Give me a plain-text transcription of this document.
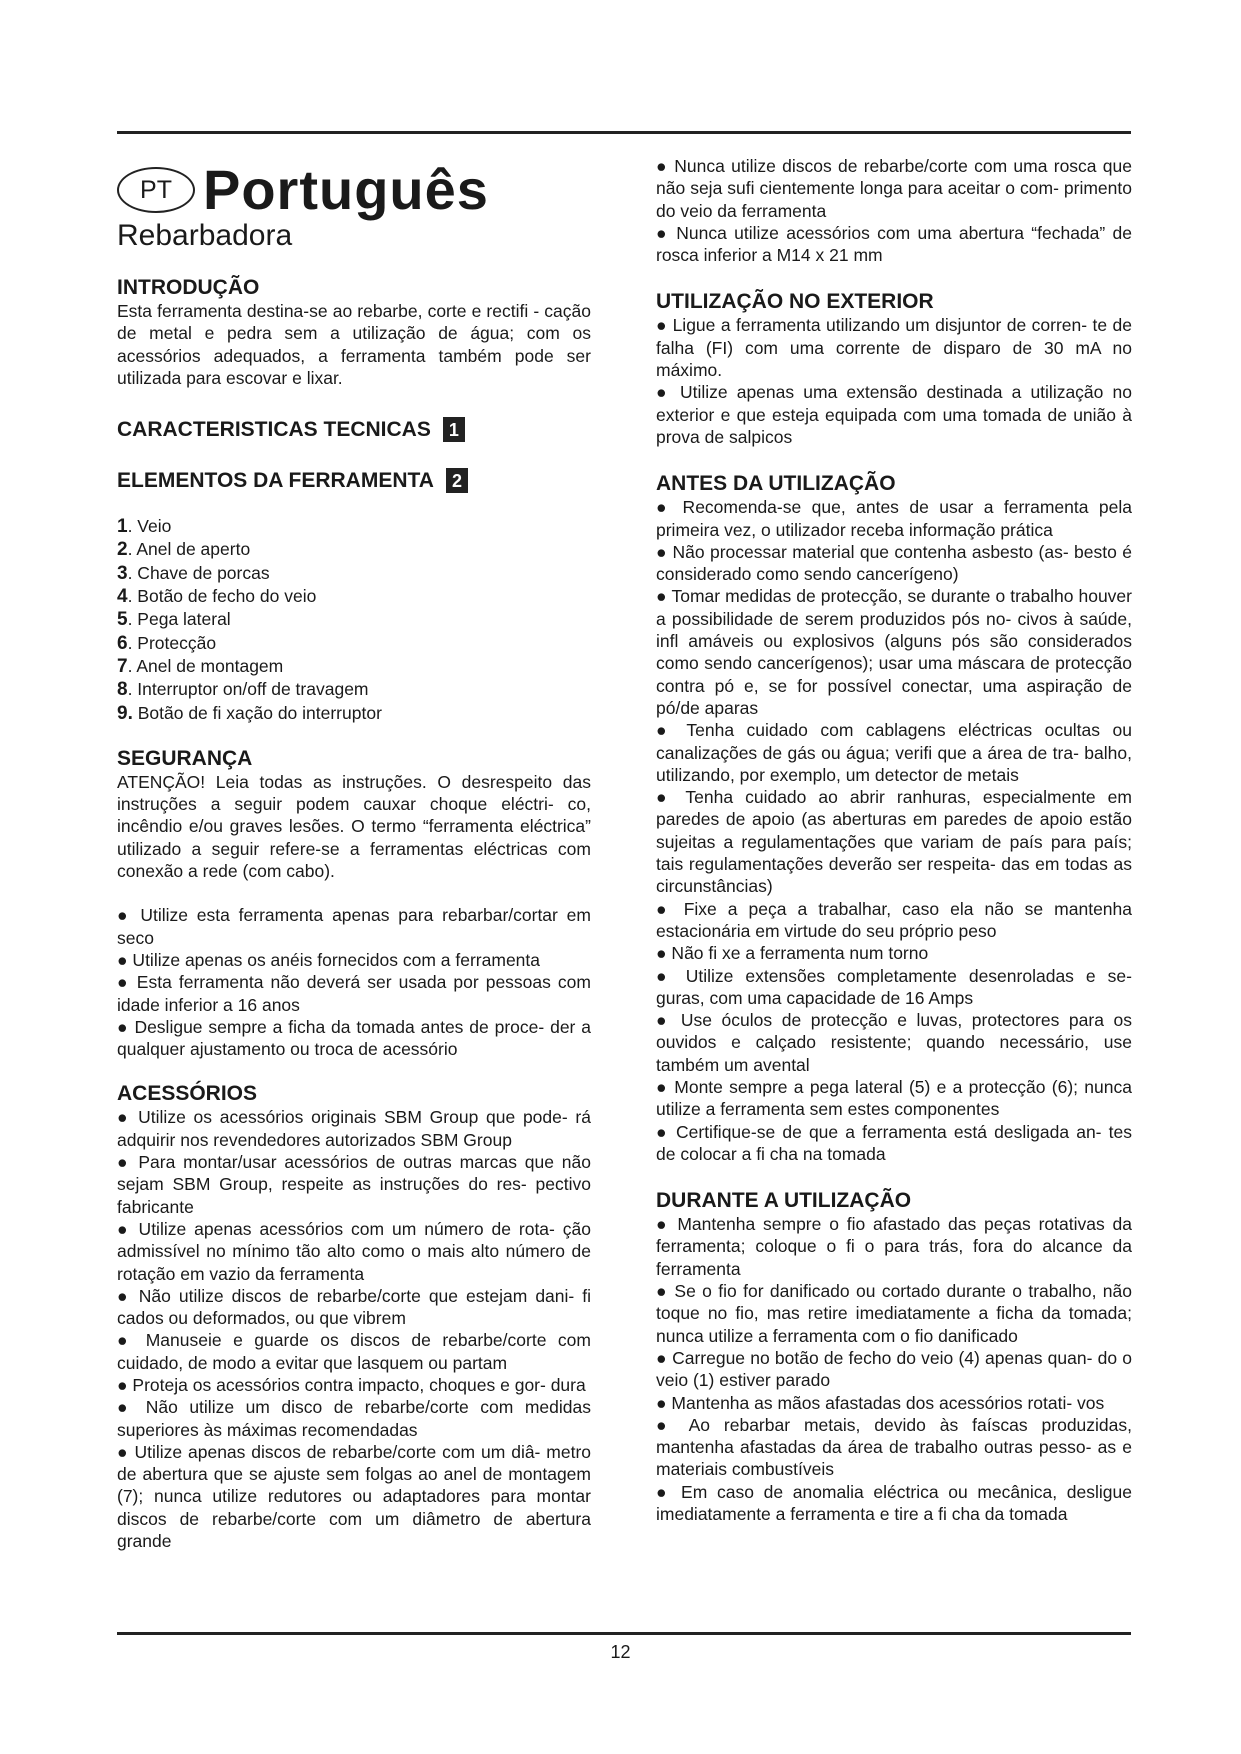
PT Português
Rebarbadora
INTRODUÇÃO

Esta ferramenta destina-se ao rebarbe, corte e rectifi - cação de metal e pedra sem a utilização de água; com os acessórios adequados, a ferramenta também pode ser utilizada para escovar e lixar.

CARACTERISTICAS TECNICAS 1
ELEMENTOS DA FERRAMENTA 2
1. Veio
2. Anel de aperto
3. Chave de porcas
4. Botão de fecho do veio
5. Pega lateral
6. Protecção
7. Anel de montagem
8. Interruptor on/off de travagem
9. Botão de fi xação do interruptor
SEGURANÇA

ATENÇÃO! Leia todas as instruções. O desrespeito das instruções a seguir podem cauxar choque eléctri- co, incêndio e/ou graves lesões. O termo “ferramenta eléctrica” utilizado a seguir refere-se a ferramentas eléctricas com conexão a rede (com cabo).

● Utilize esta ferramenta apenas para rebarbar/cortar em seco

● Utilize apenas os anéis fornecidos com a ferramenta

● Esta ferramenta não deverá ser usada por pessoas com idade inferior a 16 anos

● Desligue sempre a ficha da tomada antes de proce- der a qualquer ajustamento ou troca de acessório

ACESSÓRIOS

● Utilize os acessórios originais SBM Group que pode- rá adquirir nos revendedores autorizados SBM Group

● Para montar/usar acessórios de outras marcas que não sejam SBM Group, respeite as instruções do res- pectivo fabricante

● Utilize apenas acessórios com um número de rota- ção admissível no mínimo tão alto como o mais alto número de rotação em vazio da ferramenta

● Não utilize discos de rebarbe/corte que estejam dani- fi cados ou deformados, ou que vibrem

● Manuseie e guarde os discos de rebarbe/corte com cuidado, de modo a evitar que lasquem ou partam

● Proteja os acessórios contra impacto, choques e gor- dura

● Não utilize um disco de rebarbe/corte com medidas superiores às máximas recomendadas

● Utilize apenas discos de rebarbe/corte com um diâ- metro de abertura que se ajuste sem folgas ao anel de montagem (7); nunca utilize redutores ou adaptadores para montar discos de rebarbe/corte com um diâmetro de abertura grande

● Nunca utilize discos de rebarbe/corte com uma rosca que não seja sufi cientemente longa para aceitar o com- primento do veio da ferramenta

● Nunca utilize acessórios com uma abertura “fechada” de rosca inferior a M14 x 21 mm

UTILIZAÇÃO NO EXTERIOR

● Ligue a ferramenta utilizando um disjuntor de corren- te de falha (FI) com uma corrente de disparo de 30 mA no máximo.

● Utilize apenas uma extensão destinada a utilização no exterior e que esteja equipada com uma tomada de união à prova de salpicos

ANTES DA UTILIZAÇÃO

● Recomenda-se que, antes de usar a ferramenta pela primeira vez, o utilizador receba informação prática

● Não processar material que contenha asbesto (as- besto é considerado como sendo cancerígeno)

● Tomar medidas de protecção, se durante o trabalho houver a possibilidade de serem produzidos pós no- civos à saúde, infl amáveis ou explosivos (alguns pós são considerados como sendo cancerígenos); usar uma máscara de protecção contra pó e, se for possível conectar, uma aspiração de pó/de aparas

● Tenha cuidado com cablagens eléctricas ocultas ou canalizações de gás ou água; verifi que a área de tra- balho, utilizando, por exemplo, um detector de metais

● Tenha cuidado ao abrir ranhuras, especialmente em paredes de apoio (as aberturas em paredes de apoio estão sujeitas a regulamentações que variam de país para país; tais regulamentações deverão ser respeita- das em todas as circunstâncias)

● Fixe a peça a trabalhar, caso ela não se mantenha estacionária em virtude do seu próprio peso

● Não fi xe a ferramenta num torno

● Utilize extensões completamente desenroladas e se- guras, com uma capacidade de 16 Amps

● Use óculos de protecção e luvas, protectores para os ouvidos e calçado resistente; quando necessário, use também um avental

● Monte sempre a pega lateral (5) e a protecção (6); nunca utilize a ferramenta sem estes componentes

● Certifique-se de que a ferramenta está desligada an- tes de colocar a fi cha na tomada

DURANTE A UTILIZAÇÃO

● Mantenha sempre o fio afastado das peças rotativas da ferramenta; coloque o fi o para trás, fora do alcance da ferramenta

● Se o fio for danificado ou cortado durante o trabalho, não toque no fio, mas retire imediatamente a ficha da tomada; nunca utilize a ferramenta com o fio danificado

● Carregue no botão de fecho do veio (4) apenas quan- do o veio (1) estiver parado

● Mantenha as mãos afastadas dos acessórios rotati- vos

● Ao rebarbar metais, devido às faíscas produzidas, mantenha afastadas da área de trabalho outras pesso- as e materiais combustíveis

● Em caso de anomalia eléctrica ou mecânica, desligue imediatamente a ferramenta e tire a fi cha da tomada

12
